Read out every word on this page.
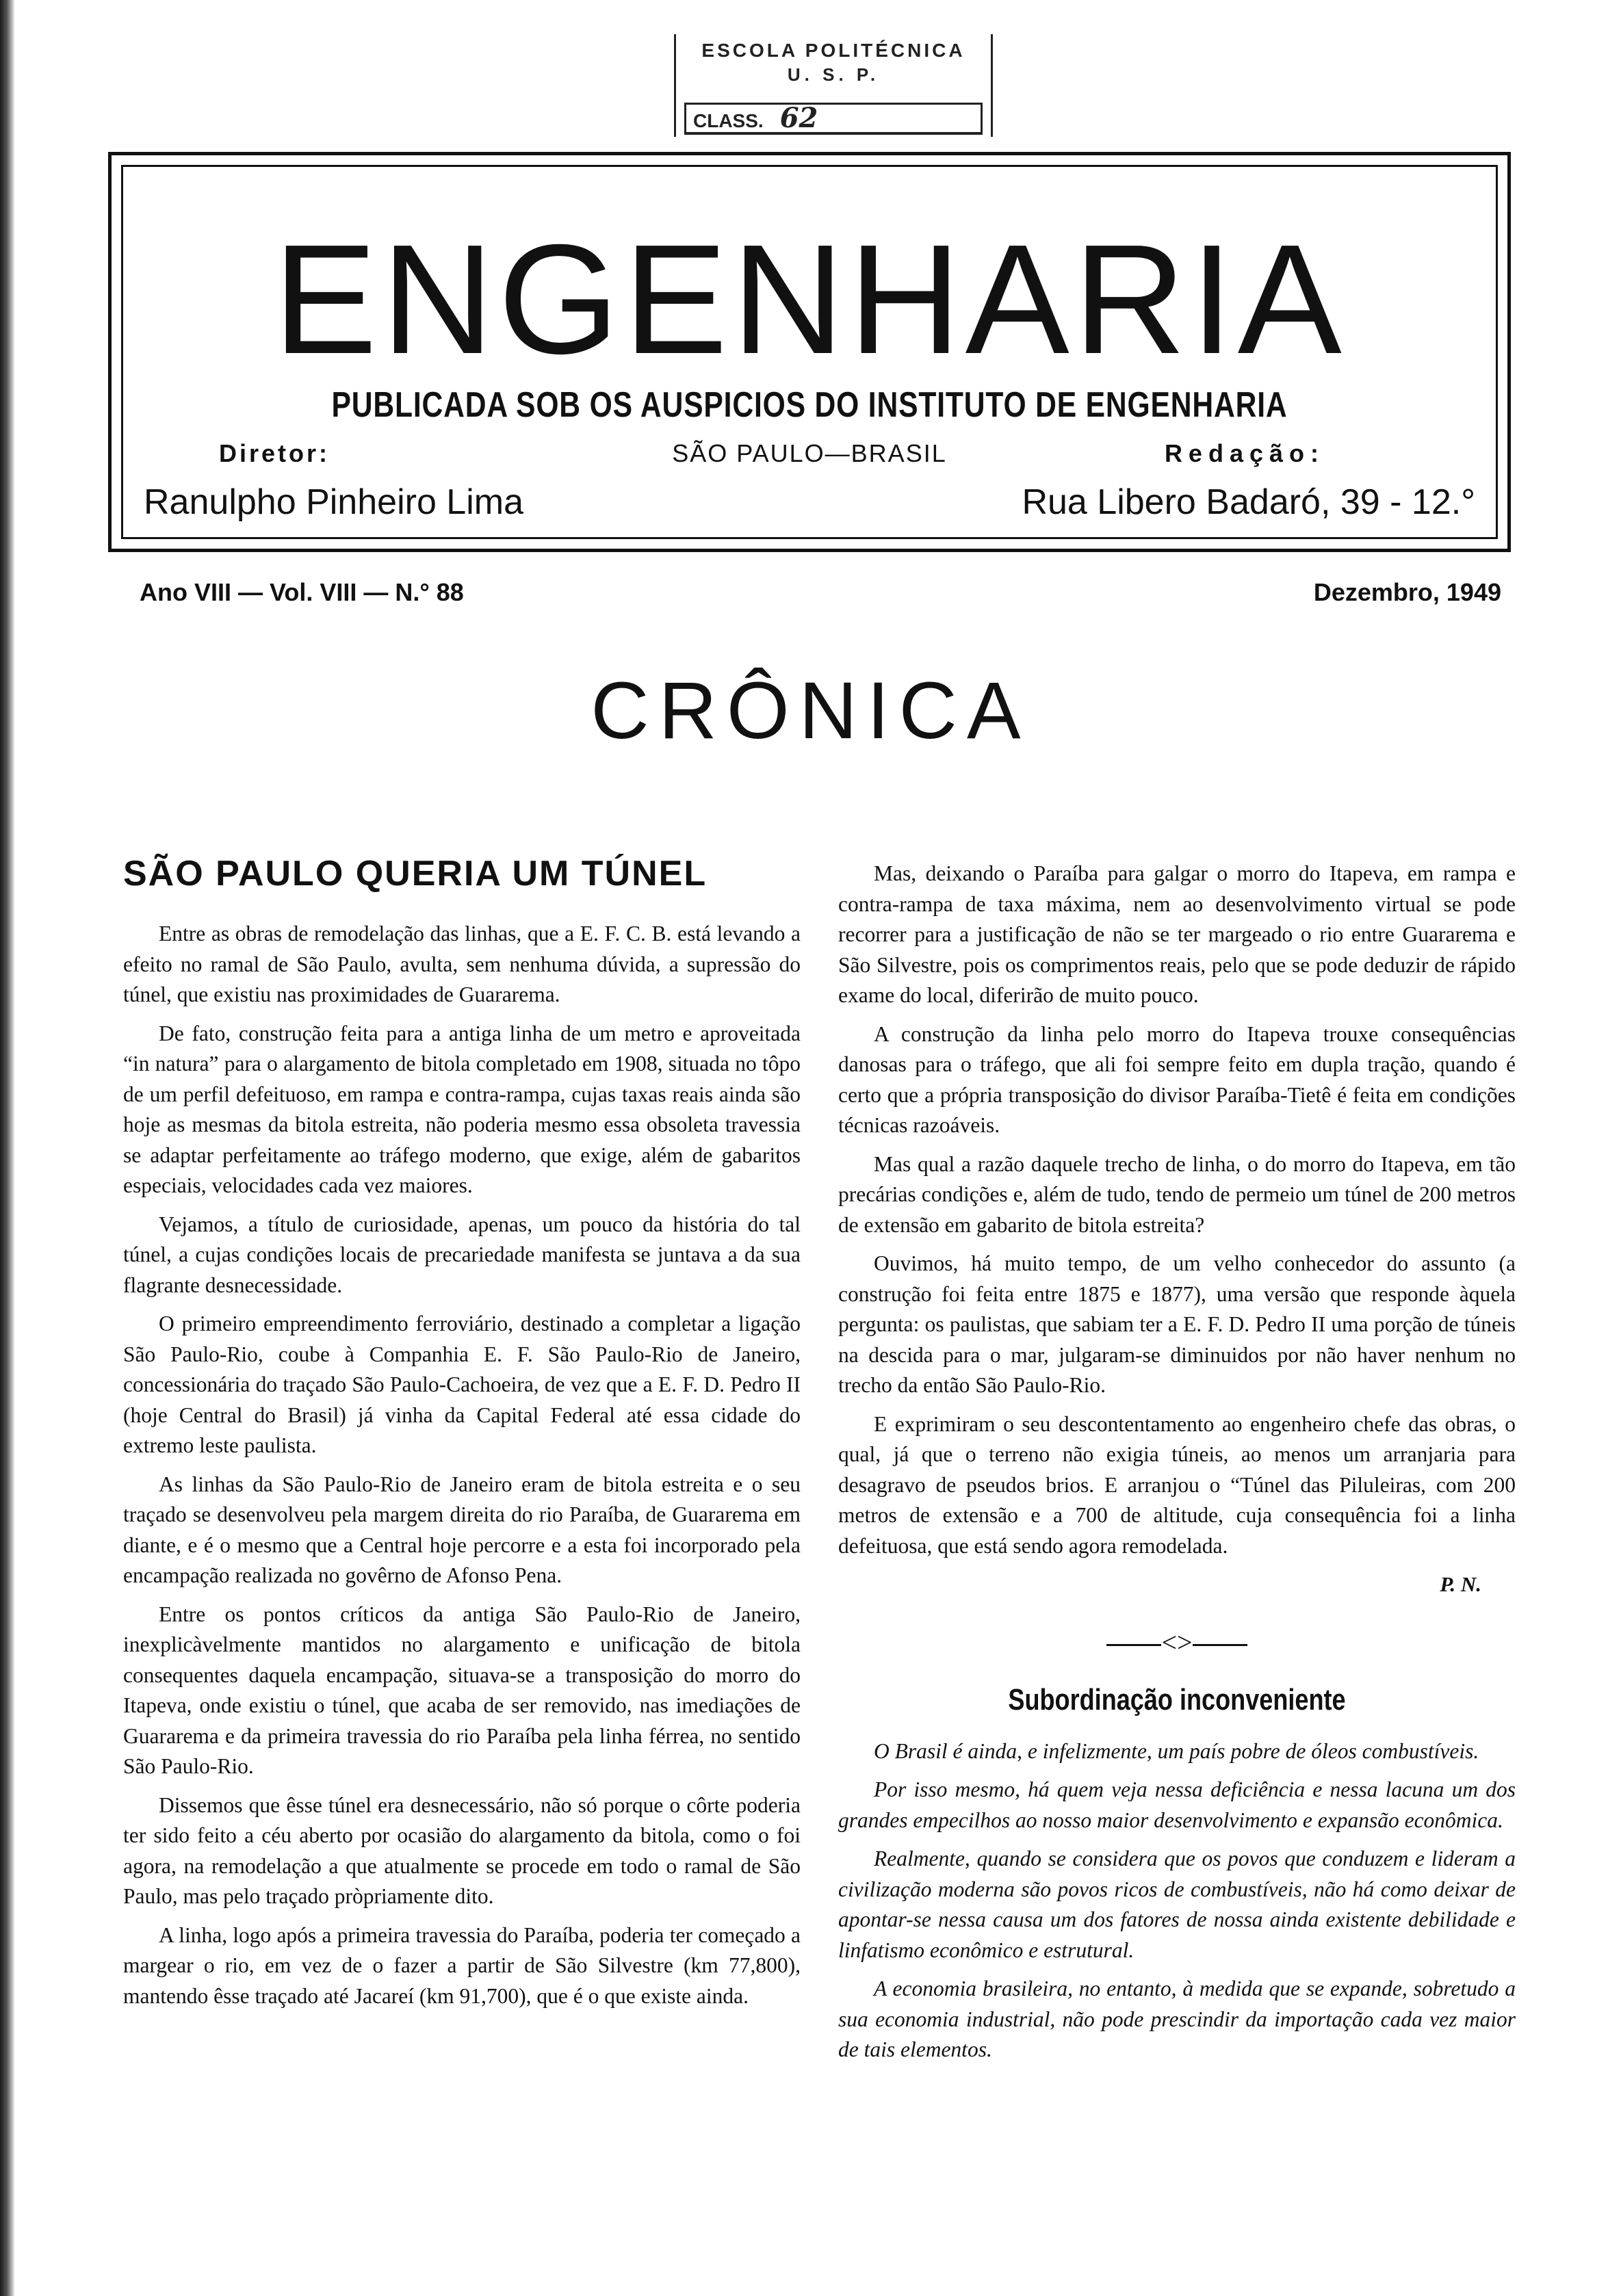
ESCOLA POLITÉCNICA
U. S. P.
CLASS. 62
ENGENHARIA
PUBLICADA SOB OS AUSPICIOS DO INSTITUTO DE ENGENHARIA
Diretor:	SÃO PAULO—BRASIL	Redação:
Ranulpho Pinheiro Lima	Rua Libero Badaró, 39 - 12.°
Ano VIII — Vol. VIII — N.° 88	Dezembro, 1949
CRÔNICA
SÃO PAULO QUERIA UM TÚNEL

Entre as obras de remodelação das linhas, que a E. F. C. B. está levando a efeito no ramal de São Paulo, avulta, sem nenhuma dúvida, a supressão do túnel, que existiu nas proximidades de Guararema.

De fato, construção feita para a antiga linha de um metro e aproveitada “in natura” para o alargamento de bitola completado em 1908, situada no tôpo de um perfil defeituoso, em rampa e contra-rampa, cujas taxas reais ainda são hoje as mesmas da bitola estreita, não poderia mesmo essa obsoleta travessia se adaptar perfeitamente ao tráfego moderno, que exige, além de gabaritos especiais, velocidades cada vez maiores.

Vejamos, a título de curiosidade, apenas, um pouco da história do tal túnel, a cujas condições locais de precariedade manifesta se juntava a da sua flagrante desnecessidade.

O primeiro empreendimento ferroviário, destinado a completar a ligação São Paulo-Rio, coube à Companhia E. F. São Paulo-Rio de Janeiro, concessionária do traçado São Paulo-Cachoeira, de vez que a E. F. D. Pedro II (hoje Central do Brasil) já vinha da Capital Federal até essa cidade do extremo leste paulista.

As linhas da São Paulo-Rio de Janeiro eram de bitola estreita e o seu traçado se desenvolveu pela margem direita do rio Paraíba, de Guararema em diante, e é o mesmo que a Central hoje percorre e a esta foi incorporado pela encampação realizada no govêrno de Afonso Pena.

Entre os pontos críticos da antiga São Paulo-Rio de Janeiro, inexplicàvelmente mantidos no alargamento e unificação de bitola consequentes daquela encampação, situava-se a transposição do morro do Itapeva, onde existiu o túnel, que acaba de ser removido, nas imediações de Guararema e da primeira travessia do rio Paraíba pela linha férrea, no sentido São Paulo-Rio.

Dissemos que êsse túnel era desnecessário, não só porque o côrte poderia ter sido feito a céu aberto por ocasião do alargamento da bitola, como o foi agora, na remodelação a que atualmente se procede em todo o ramal de São Paulo, mas pelo traçado pròpriamente dito.

A linha, logo após a primeira travessia do Paraíba, poderia ter começado a margear o rio, em vez de o fazer a partir de São Silvestre (km 77,800), mantendo êsse traçado até Jacareí (km 91,700), que é o que existe ainda.

Mas, deixando o Paraíba para galgar o morro do Itapeva, em rampa e contra-rampa de taxa máxima, nem ao desenvolvimento virtual se pode recorrer para a justificação de não se ter margeado o rio entre Guararema e São Silvestre, pois os comprimentos reais, pelo que se pode deduzir de rápido exame do local, diferirão de muito pouco.

A construção da linha pelo morro do Itapeva trouxe consequências danosas para o tráfego, que ali foi sempre feito em dupla tração, quando é certo que a própria transposição do divisor Paraíba-Tietê é feita em condições técnicas razoáveis.

Mas qual a razão daquele trecho de linha, o do morro do Itapeva, em tão precárias condições e, além de tudo, tendo de permeio um túnel de 200 metros de extensão em gabarito de bitola estreita?

Ouvimos, há muito tempo, de um velho conhecedor do assunto (a construção foi feita entre 1875 e 1877), uma versão que responde àquela pergunta: os paulistas, que sabiam ter a E. F. D. Pedro II uma porção de túneis na descida para o mar, julgaram-se diminuidos por não haver nenhum no trecho da então São Paulo-Rio.

E exprimiram o seu descontentamento ao engenheiro chefe das obras, o qual, já que o terreno não exigia túneis, ao menos um arranjaria para desagravo de pseudos brios. E arranjou o “Túnel das Piluleiras, com 200 metros de extensão e a 700 de altitude, cuja consequência foi a linha defeituosa, que está sendo agora remodelada.

P. N.
<>
Subordinação inconveniente

O Brasil é ainda, e infelizmente, um país pobre de óleos combustíveis.

Por isso mesmo, há quem veja nessa deficiência e nessa lacuna um dos grandes empecilhos ao nosso maior desenvolvimento e expansão econômica.

Realmente, quando se considera que os povos que conduzem e lideram a civilização moderna são povos ricos de combustíveis, não há como deixar de apontar-se nessa causa um dos fatores de nossa ainda existente debilidade e linfatismo econômico e estrutural.

A economia brasileira, no entanto, à medida que se expande, sobretudo a sua economia industrial, não pode prescindir da importação cada vez maior de tais elementos.
